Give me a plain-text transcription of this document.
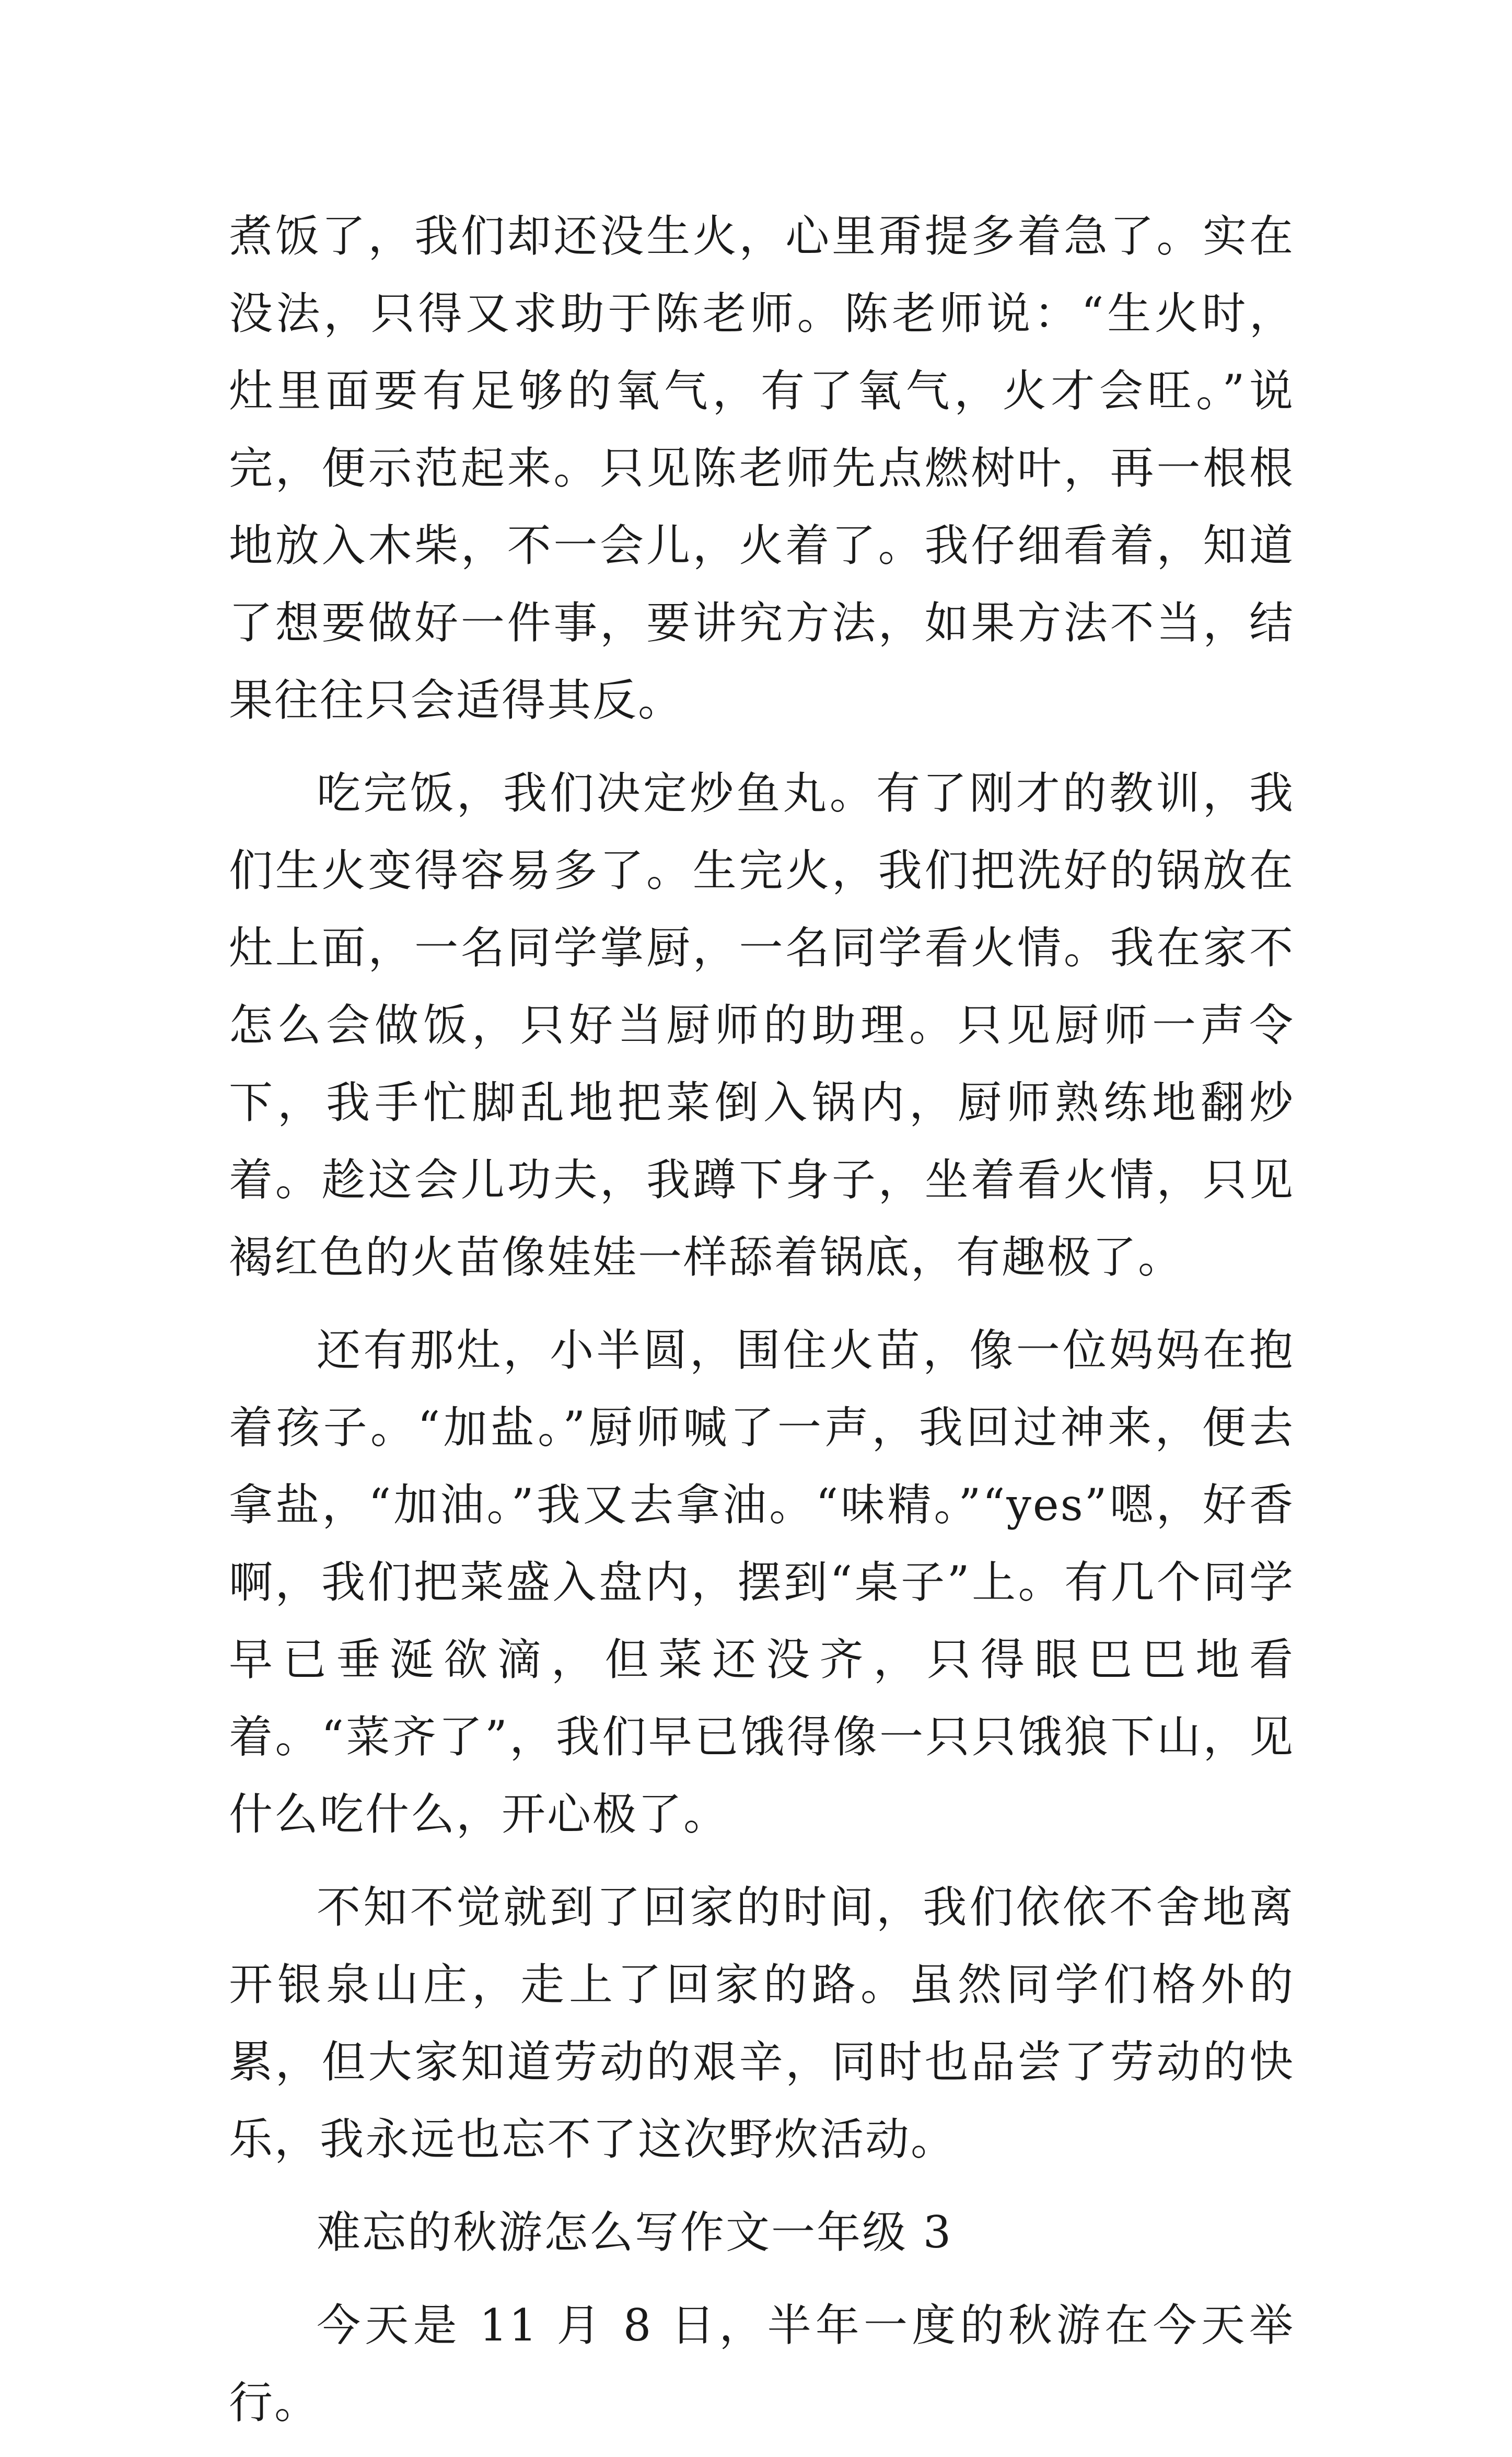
煮饭了，我们却还没生火，心里甭提多着急了。实在没法，只得又求助于陈老师。陈老师说：“生火时，灶里面要有足够的氧气，有了氧气，火才会旺。”说完，便示范起来。只见陈老师先点燃树叶，再一根根地放入木柴，不一会儿，火着了。我仔细看着，知道了想要做好一件事，要讲究方法，如果方法不当，结果往往只会适得其反。

吃完饭，我们决定炒鱼丸。有了刚才的教训，我们生火变得容易多了。生完火，我们把洗好的锅放在灶上面，一名同学掌厨，一名同学看火情。我在家不怎么会做饭，只好当厨师的助理。只见厨师一声令下，我手忙脚乱地把菜倒入锅内，厨师熟练地翻炒着。趁这会儿功夫，我蹲下身子，坐着看火情，只见褐红色的火苗像娃娃一样舔着锅底，有趣极了。

还有那灶，小半圆，围住火苗，像一位妈妈在抱着孩子。“加盐。”厨师喊了一声，我回过神来，便去拿盐，“加油。”我又去拿油。“味精。”“yes”嗯，好香啊，我们把菜盛入盘内，摆到“桌子”上。有几个同学早已垂涎欲滴，但菜还没齐，只得眼巴巴地看着。“菜齐了”，我们早已饿得像一只只饿狼下山，见什么吃什么，开心极了。

不知不觉就到了回家的时间，我们依依不舍地离开银泉山庄，走上了回家的路。虽然同学们格外的累，但大家知道劳动的艰辛，同时也品尝了劳动的快乐，我永远也忘不了这次野炊活动。

难忘的秋游怎么写作文一年级 3

今天是 11 月 8 日，半年一度的秋游在今天举行。
